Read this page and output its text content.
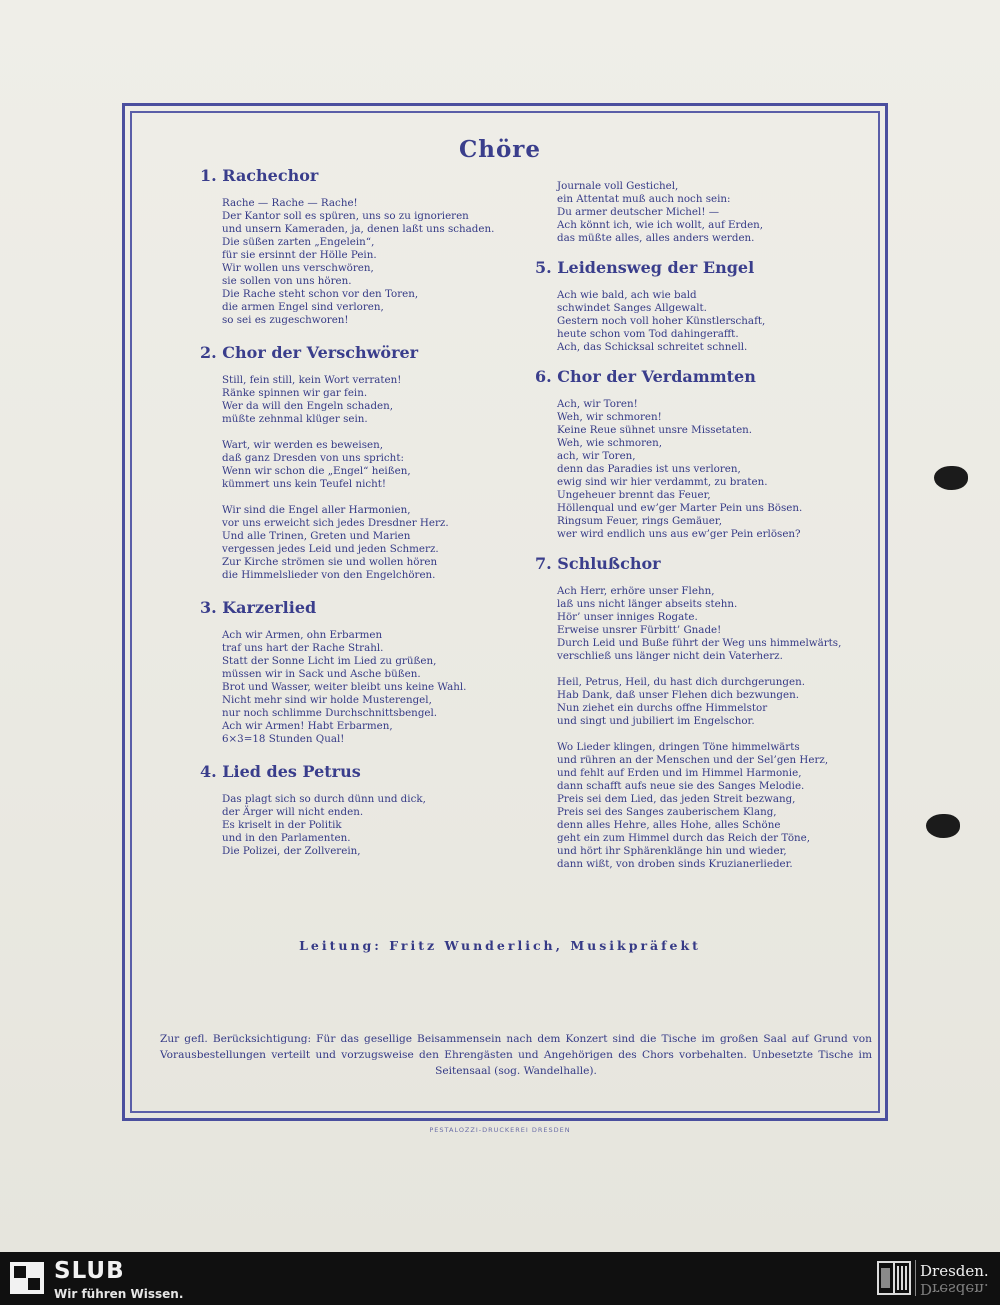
Chöre
1. Rachechor
Rache — Rache — Rache!
Der Kantor soll es spüren, uns so zu ignorieren
und unsern Kameraden, ja, denen laßt uns schaden.
Die süßen zarten „Engelein“,
für sie ersinnt der Hölle Pein.
Wir wollen uns verschwören,
sie sollen von uns hören.
Die Rache steht schon vor den Toren,
die armen Engel sind verloren,
so sei es zugeschworen!
2. Chor der Verschwörer
Still, fein still, kein Wort verraten!
Ränke spinnen wir gar fein.
Wer da will den Engeln schaden,
müßte zehnmal klüger sein.
Wart, wir werden es beweisen,
daß ganz Dresden von uns spricht:
Wenn wir schon die „Engel“ heißen,
kümmert uns kein Teufel nicht!
Wir sind die Engel aller Harmonien,
vor uns erweicht sich jedes Dresdner Herz.
Und alle Trinen, Greten und Marien
vergessen jedes Leid und jeden Schmerz.
Zur Kirche strömen sie und wollen hören
die Himmelslieder von den Engelchören.
3. Karzerlied
Ach wir Armen, ohn Erbarmen
traf uns hart der Rache Strahl.
Statt der Sonne Licht im Lied zu grüßen,
müssen wir in Sack und Asche büßen.
Brot und Wasser, weiter bleibt uns keine Wahl.
Nicht mehr sind wir holde Musterengel,
nur noch schlimme Durchschnittsbengel.
Ach wir Armen! Habt Erbarmen,
6×3=18 Stunden Qual!
4. Lied des Petrus
Das plagt sich so durch dünn und dick,
der Ärger will nicht enden.
Es kriselt in der Politik
und in den Parlamenten.
Die Polizei, der Zollverein,
Journale voll Gestichel,
ein Attentat muß auch noch sein:
Du armer deutscher Michel! —
Ach könnt ich, wie ich wollt, auf Erden,
das müßte alles, alles anders werden.
5. Leidensweg der Engel
Ach wie bald, ach wie bald
schwindet Sanges Allgewalt.
Gestern noch voll hoher Künstlerschaft,
heute schon vom Tod dahingerafft.
Ach, das Schicksal schreitet schnell.
6. Chor der Verdammten
Ach, wir Toren!
Weh, wir schmoren!
Keine Reue sühnet unsre Missetaten.
Weh, wie schmoren,
ach, wir Toren,
denn das Paradies ist uns verloren,
ewig sind wir hier verdammt, zu braten.
Ungeheuer brennt das Feuer,
Höllenqual und ew’ger Marter Pein uns Bösen.
Ringsum Feuer, rings Gemäuer,
wer wird endlich uns aus ew’ger Pein erlösen?
7. Schlußchor
Ach Herr, erhöre unser Flehn,
laß uns nicht länger abseits stehn.
Hör’ unser inniges Rogate.
Erweise unsrer Fürbitt’ Gnade!
Durch Leid und Buße führt der Weg uns himmelwärts,
verschließ uns länger nicht dein Vaterherz.
Heil, Petrus, Heil, du hast dich durchgerungen.
Hab Dank, daß unser Flehen dich bezwungen.
Nun ziehet ein durchs offne Himmelstor
und singt und jubiliert im Engelschor.
Wo Lieder klingen, dringen Töne himmelwärts
und rühren an der Menschen und der Sel’gen Herz,
und fehlt auf Erden und im Himmel Harmonie,
dann schafft aufs neue sie des Sanges Melodie.
Preis sei dem Lied, das jeden Streit bezwang,
Preis sei des Sanges zauberischem Klang,
denn alles Hehre, alles Hohe, alles Schöne
geht ein zum Himmel durch das Reich der Töne,
und hört ihr Sphärenklänge hin und wieder,
dann wißt, von droben sinds Kruzianerlieder.
Leitung: Fritz Wunderlich, Musikpräfekt
Zur gefl. Berücksichtigung: Für das gesellige Beisammensein nach dem Konzert sind die Tische im großen Saal auf Grund von Vorausbestellungen verteilt und vorzugsweise den Ehrengästen und Angehörigen des Chors vorbehalten. Unbesetzte Tische im Seitensaal (sog. Wandelhalle).
PESTALOZZI-DRUCKEREI DRESDEN
SLUB
Wir führen Wissen.
Dresden.
Dresden.
